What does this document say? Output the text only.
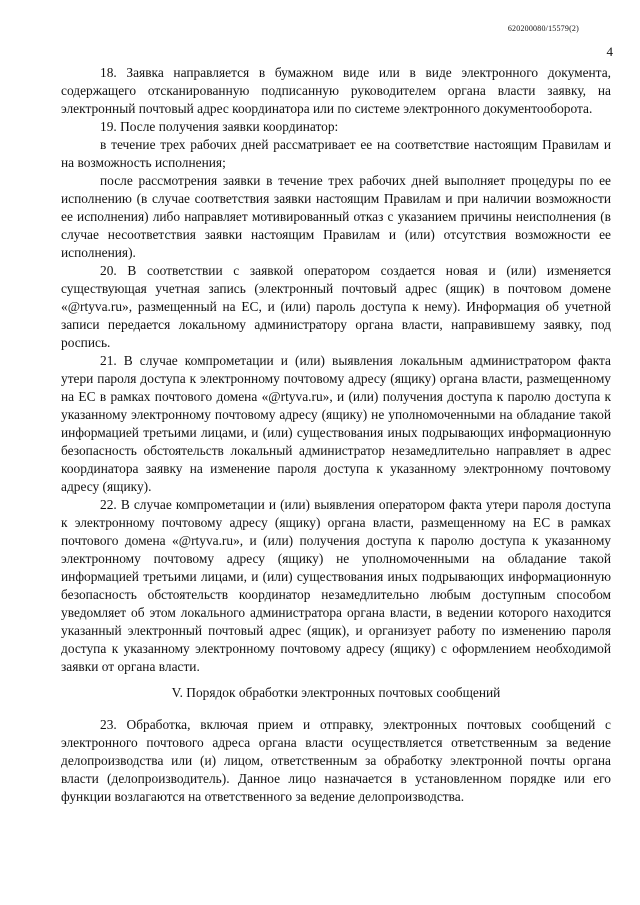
620200080/15579(2)
4

18. Заявка направляется в бумажном виде или в виде электронного документа, содержащего отсканированную подписанную руководителем органа власти заявку, на электронный почтовый адрес координатора или по системе электронного документооборота.

19. После получения заявки координатор:

в течение трех рабочих дней рассматривает ее на соответствие настоящим Правилам и на возможность исполнения;

после рассмотрения заявки в течение трех рабочих дней выполняет процедуры по ее исполнению (в случае соответствия заявки настоящим Правилам и при наличии возможности ее исполнения) либо направляет мотивированный отказ с указанием причины неисполнения (в случае несоответствия заявки настоящим Правилам и (или) отсутствия возможности ее исполнения).

20. В соответствии с заявкой оператором создается новая и (или) изменяется существующая учетная запись (электронный почтовый адрес (ящик) в почтовом домене «@rtyva.ru», размещенный на ЕС, и (или) пароль доступа к нему). Информация об учетной записи передается локальному администратору органа власти, направившему заявку, под роспись.

21. В случае компрометации и (или) выявления локальным администратором факта утери пароля доступа к электронному почтовому адресу (ящику) органа власти, размещенному на ЕС в рамках почтового домена «@rtyva.ru», и (или) получения доступа к паролю доступа к указанному электронному почтовому адресу (ящику) не уполномоченными на обладание такой информацией третьими лицами, и (или) существования иных подрывающих информационную безопасность обстоятельств локальный администратор незамедлительно направляет в адрес координатора заявку на изменение пароля доступа к указанному электронному почтовому адресу (ящику).

22. В случае компрометации и (или) выявления оператором факта утери пароля доступа к электронному почтовому адресу (ящику) органа власти, размещенному на ЕС в рамках почтового домена «@rtyva.ru», и (или) получения доступа к паролю доступа к указанному электронному почтовому адресу (ящику) не уполномоченными на обладание такой информацией третьими лицами, и (или) существования иных подрывающих информационную безопасность обстоятельств координатор незамедлительно любым доступным способом уведомляет об этом локального администратора органа власти, в ведении которого находится указанный электронный почтовый адрес (ящик), и организует работу по изменению пароля доступа к указанному электронному почтовому адресу (ящику) с оформлением необходимой заявки от органа власти.

V. Порядок обработки электронных почтовых сообщений

23. Обработка, включая прием и отправку, электронных почтовых сообщений с электронного почтового адреса органа власти осуществляется ответственным за ведение делопроизводства или (и) лицом, ответственным за обработку электронной почты органа власти (делопроизводитель). Данное лицо назначается в установленном порядке или его функции возлагаются на ответственного за ведение делопроизводства.
